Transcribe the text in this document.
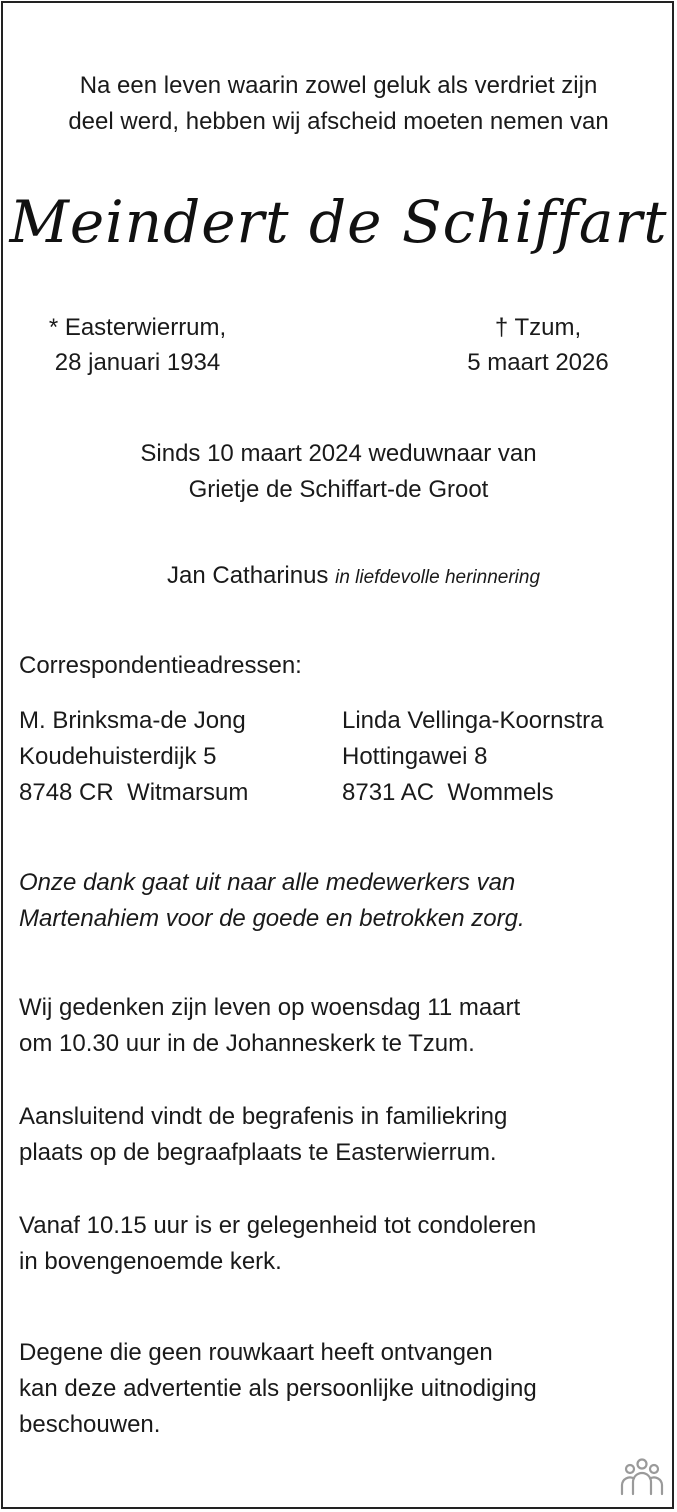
Na een leven waarin zowel geluk als verdriet zijn
deel werd, hebben wij afscheid moeten nemen van
Meindert de Schiffart
* Easterwierrum,
28 januari 1934
† Tzum,
5 maart 2026
Sinds 10 maart 2024 weduwnaar van
Grietje de Schiffart-de Groot
Jan Catharinus in liefdevolle herinnering
Correspondentieadressen:
M. Brinksma-de Jong
Koudehuisterdijk 5
8748 CR  Witmarsum
Linda Vellinga-Koornstra
Hottingawei 8
8731 AC  Wommels
Onze dank gaat uit naar alle medewerkers van
Martenahiem voor de goede en betrokken zorg.
Wij gedenken zijn leven op woensdag 11 maart
om 10.30 uur in de Johanneskerk te Tzum.
Aansluitend vindt de begrafenis in familiekring
plaats op de begraafplaats te Easterwierrum.
Vanaf 10.15 uur is er gelegenheid tot condoleren
in bovengenoemde kerk.
Degene die geen rouwkaart heeft ontvangen
kan deze advertentie als persoonlijke uitnodiging
beschouwen.
